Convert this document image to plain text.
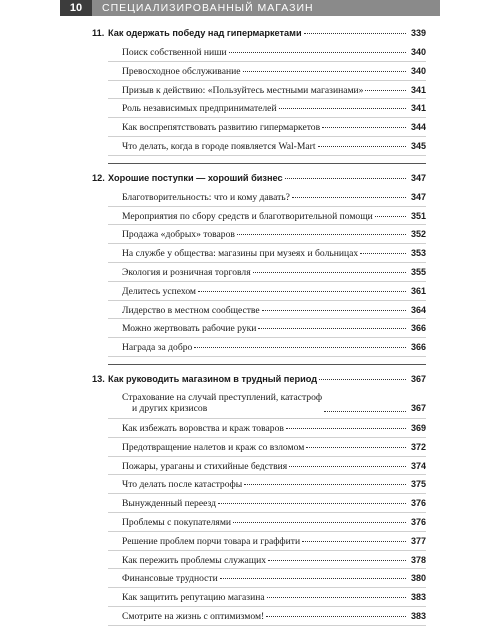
10	СПЕЦИАЛИЗИРОВАННЫЙ МАГАЗИН
11. Как одержать победу над гипермаркетами	339
Поиск собственной ниши	340
Превосходное обслуживание	340
Призыв к действию: «Пользуйтесь местными магазинами»	341
Роль независимых предпринимателей	341
Как воспрепятствовать развитию гипермаркетов	344
Что делать, когда в городе появляется Wal-Mart	345
12. Хорошие поступки — хороший бизнес	347
Благотворительность: что и кому давать?	347
Мероприятия по сбору средств и благотворительной помощи	351
Продажа «добрых» товаров	352
На службе у общества: магазины при музеях и больницах	353
Экология и розничная торговля	355
Делитесь успехом	361
Лидерство в местном сообществе	364
Можно жертвовать рабочие руки	366
Награда за добро	366
13. Как руководить магазином в трудный период	367
Страхование на случай преступлений, катастроф
и других кризисов	367
Как избежать воровства и краж товаров	369
Предотвращение налетов и краж со взломом	372
Пожары, ураганы и стихийные бедствия	374
Что делать после катастрофы	375
Вынужденный переезд	376
Проблемы с покупателями	376
Решение проблем порчи товара и граффити	377
Как пережить проблемы служащих	378
Финансовые трудности	380
Как защитить репутацию магазина	383
Смотрите на жизнь с оптимизмом!	383
